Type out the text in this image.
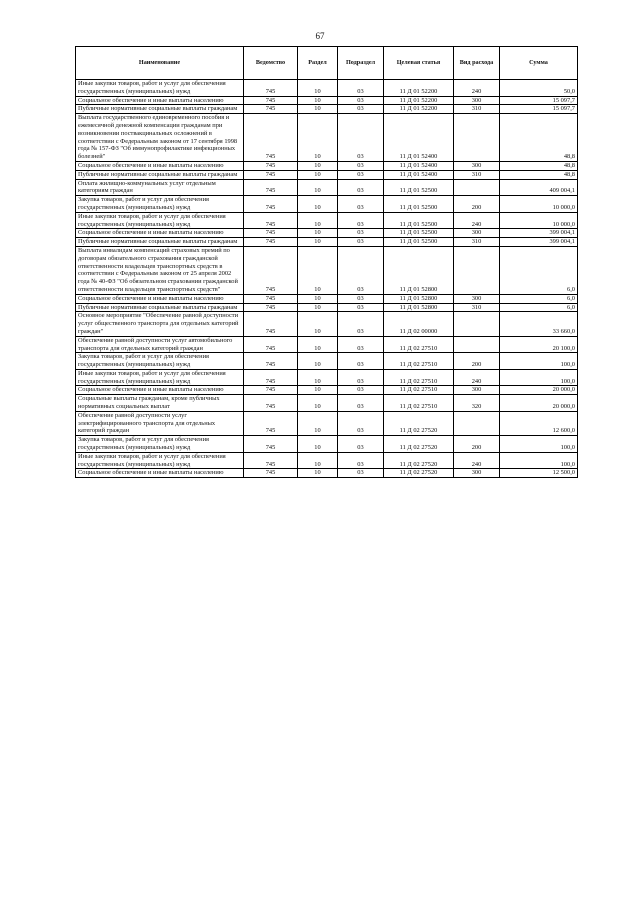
67
Наименование	Ведомство	Раздел	Подраздел	Целевая статья	Вид расхода	Сумма
Иные закупки товаров, работ и услуг для обеспечения государственных (муниципальных) нужд	745	10	03	11 Д 01 52200	240	50,0
Социальное обеспечение и иные выплаты населению	745	10	03	11 Д 01 52200	300	15 097,7
Публичные нормативные социальные выплаты гражданам	745	10	03	11 Д 01 52200	310	15 097,7
Выплата государственного единовременного пособия и ежемесячной денежной компенсации гражданам при возникновении поствакцинальных осложнений в соответствии с Федеральным законом от 17 сентября 1998 года № 157-ФЗ "Об иммунопрофилактике инфекционных болезней"	745	10	03	11 Д 01 52400		48,8
Социальное обеспечение и иные выплаты населению	745	10	03	11 Д 01 52400	300	48,8
Публичные нормативные социальные выплаты гражданам	745	10	03	11 Д 01 52400	310	48,8
Оплата жилищно-коммунальных услуг отдельным категориям граждан	745	10	03	11 Д 01 52500		409 004,1
Закупка товаров, работ и услуг для обеспечения государственных (муниципальных) нужд	745	10	03	11 Д 01 52500	200	10 000,0
Иные закупки товаров, работ и услуг для обеспечения государственных (муниципальных) нужд	745	10	03	11 Д 01 52500	240	10 000,0
Социальное обеспечение и иные выплаты населению	745	10	03	11 Д 01 52500	300	399 004,1
Публичные нормативные социальные выплаты гражданам	745	10	03	11 Д 01 52500	310	399 004,1
Выплата инвалидам компенсаций страховых премий по договорам обязательного страхования гражданской ответственности владельцев транспортных средств в соответствии с Федеральным законом от 25 апреля 2002 года № 40-ФЗ "Об обязательном страховании гражданской ответственности владельцев транспортных средств"	745	10	03	11 Д 01 52800		6,0
Социальное обеспечение и иные выплаты населению	745	10	03	11 Д 01 52800	300	6,0
Публичные нормативные социальные выплаты гражданам	745	10	03	11 Д 01 52800	310	6,0
Основное мероприятие "Обеспечение равной доступности услуг общественного транспорта для отдельных категорий граждан"	745	10	03	11 Д 02 00000		33 660,0
Обеспечение равной доступности услуг автомобильного транспорта для отдельных категорий граждан	745	10	03	11 Д 02 27510		20 100,0
Закупка товаров, работ и услуг для обеспечения государственных (муниципальных) нужд	745	10	03	11 Д 02 27510	200	100,0
Иные закупки товаров, работ и услуг для обеспечения государственных (муниципальных) нужд	745	10	03	11 Д 02 27510	240	100,0
Социальное обеспечение и иные выплаты населению	745	10	03	11 Д 02 27510	300	20 000,0
Социальные выплаты гражданам, кроме публичных нормативных социальных выплат	745	10	03	11 Д 02 27510	320	20 000,0
Обеспечение равной доступности услуг электрифицированного транспорта для отдельных категорий граждан	745	10	03	11 Д 02 27520		12 600,0
Закупка товаров, работ и услуг для обеспечения государственных (муниципальных) нужд	745	10	03	11 Д 02 27520	200	100,0
Иные закупки товаров, работ и услуг для обеспечения государственных (муниципальных) нужд	745	10	03	11 Д 02 27520	240	100,0
Социальное обеспечение и иные выплаты населению	745	10	03	11 Д 02 27520	300	12 500,0
